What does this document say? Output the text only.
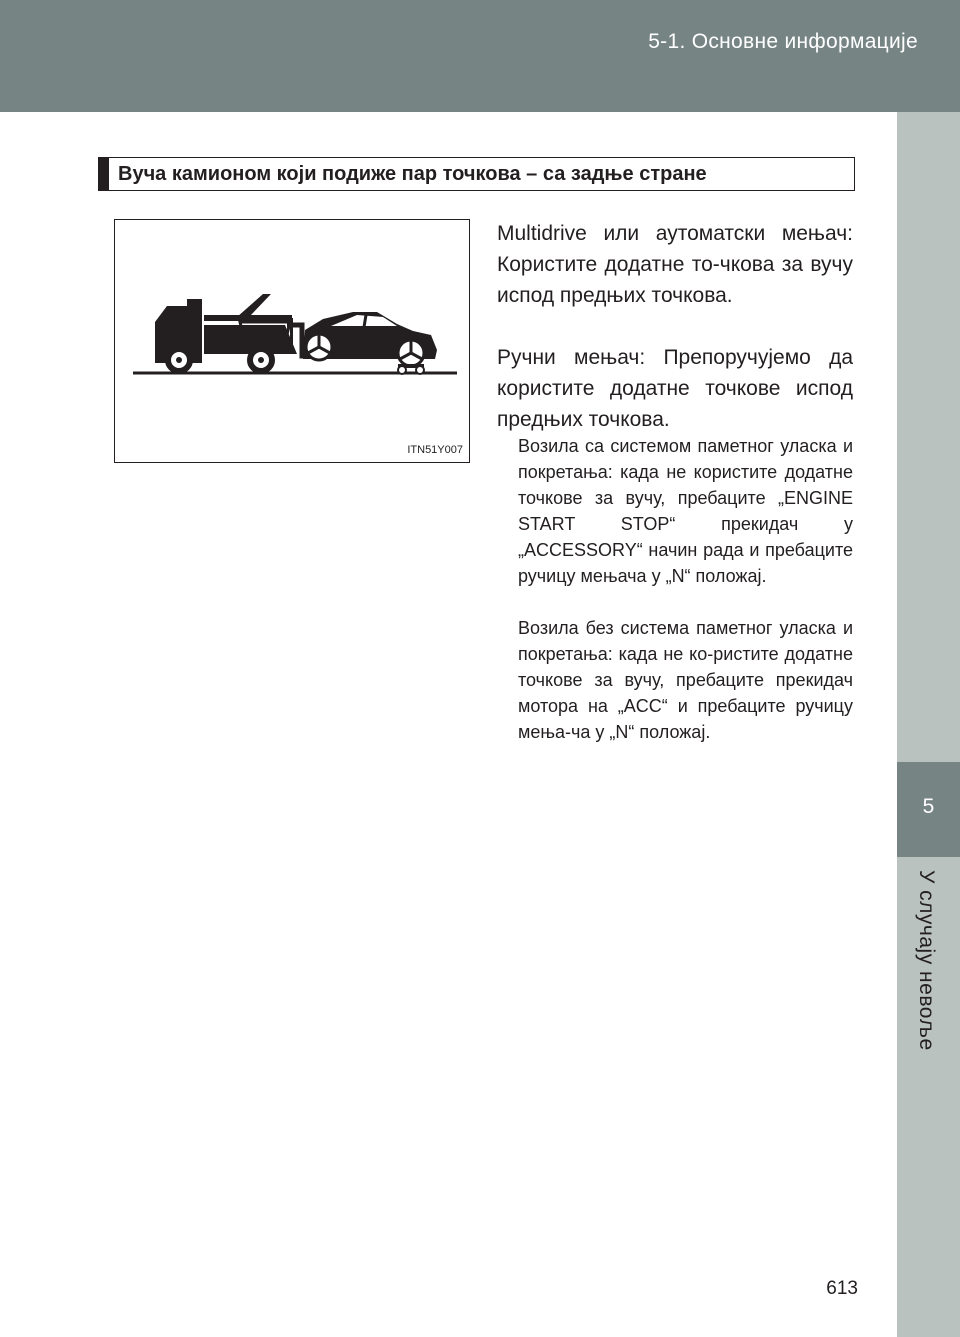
5-1. Основне информације
5
У случају невоље
Вуча камионом који подиже пар точкова – са задње стране
ITN51Y007

Multidrive или аутоматски мењач: Користите додатне то-чкова за вучу испод предњих точкова.

Ручни мењач: Препоручујемо да користите додатне точкове испод предњих точкова.

Возила са системом паметног уласка и покретања: када не користите додатне точкове за вучу, пребаците „ENGINE START STOP“ прекидач у „ACCESSORY“ начин рада и пребаците ручицу мењача у „N“ положај.

Возила без система паметног уласка и покретања: када не ко-ристите додатне точкове за вучу, пребаците прекидач мотора на „ACC“ и пребаците ручицу мења-ча у „N“ положај.

613
